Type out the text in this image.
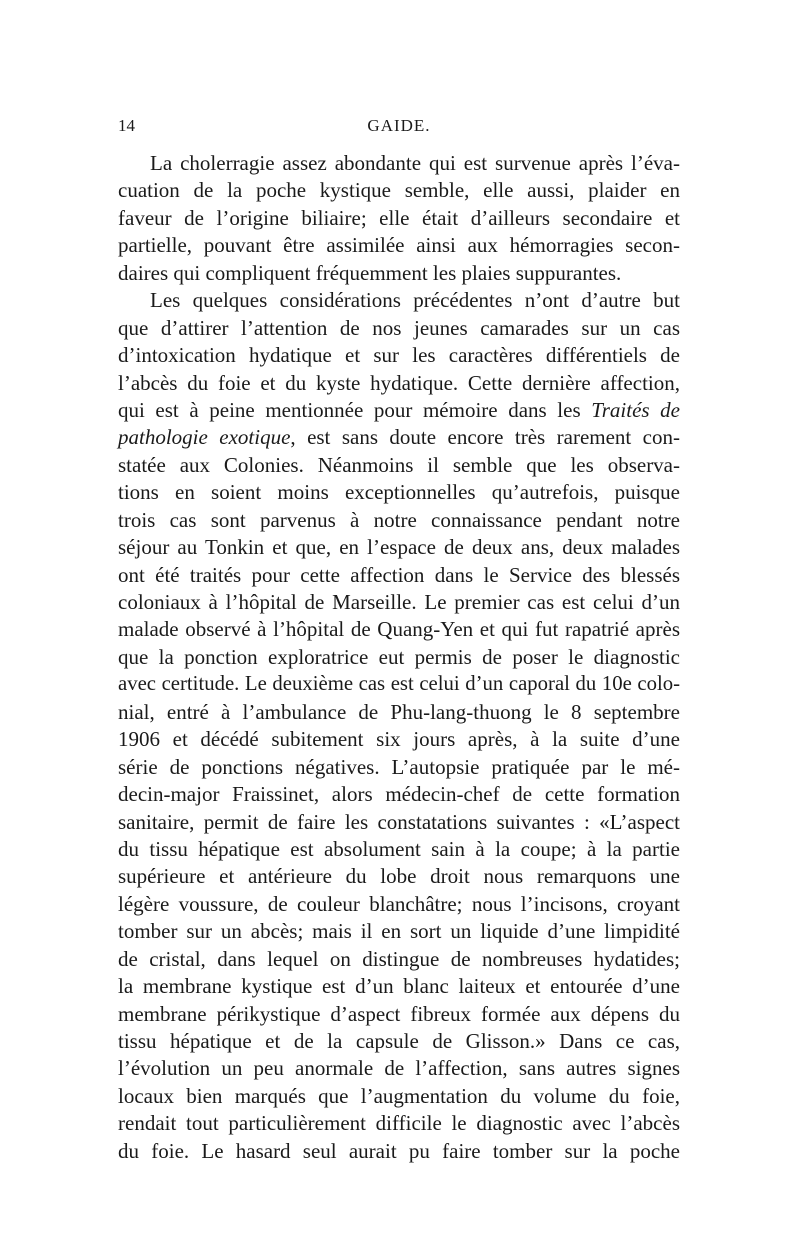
14	GAIDE.
La cholerragie assez abondante qui est survenue après l’éva-
cuation de la poche kystique semble, elle aussi, plaider en
faveur de l’origine biliaire; elle était d’ailleurs secondaire et
partielle, pouvant être assimilée ainsi aux hémorragies secon-
daires qui compliquent fréquemment les plaies suppurantes.
Les quelques considérations précédentes n’ont d’autre but
que d’attirer l’attention de nos jeunes camarades sur un cas
d’intoxication hydatique et sur les caractères différentiels de
l’abcès du foie et du kyste hydatique. Cette dernière affection,
qui est à peine mentionnée pour mémoire dans les Traités de
pathologie exotique, est sans doute encore très rarement con-
statée aux Colonies. Néanmoins il semble que les observa-
tions en soient moins exceptionnelles qu’autrefois, puisque
trois cas sont parvenus à notre connaissance pendant notre
séjour au Tonkin et que, en l’espace de deux ans, deux malades
ont été traités pour cette affection dans le Service des blessés
coloniaux à l’hôpital de Marseille. Le premier cas est celui d’un
malade observé à l’hôpital de Quang-Yen et qui fut rapatrié après
que la ponction exploratrice eut permis de poser le diagnostic
avec certitude. Le deuxième cas est celui d’un caporal du 10e colo-
nial, entré à l’ambulance de Phu-lang-thuong le 8 septembre
1906 et décédé subitement six jours après, à la suite d’une
série de ponctions négatives. L’autopsie pratiquée par le mé-
decin-major Fraissinet, alors médecin-chef de cette formation
sanitaire, permit de faire les constatations suivantes : «L’aspect
du tissu hépatique est absolument sain à la coupe; à la partie
supérieure et antérieure du lobe droit nous remarquons une
légère voussure, de couleur blanchâtre; nous l’incisons, croyant
tomber sur un abcès; mais il en sort un liquide d’une limpidité
de cristal, dans lequel on distingue de nombreuses hydatides;
la membrane kystique est d’un blanc laiteux et entourée d’une
membrane périkystique d’aspect fibreux formée aux dépens du
tissu hépatique et de la capsule de Glisson.» Dans ce cas,
l’évolution un peu anormale de l’affection, sans autres signes
locaux bien marqués que l’augmentation du volume du foie,
rendait tout particulièrement difficile le diagnostic avec l’abcès
du foie. Le hasard seul aurait pu faire tomber sur la poche
